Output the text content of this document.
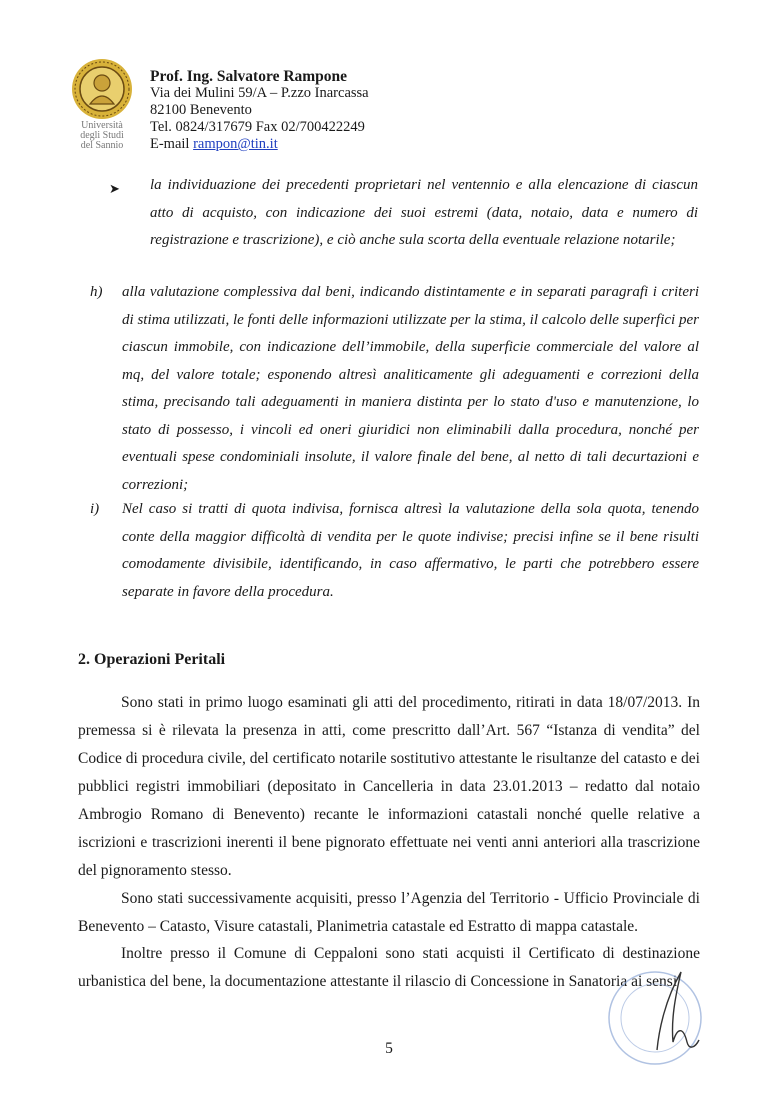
Università
degli Studi
del Sannio
Prof. Ing. Salvatore Rampone
Via dei Mulini 59/A – P.zzo Inarcassa
82100 Benevento
Tel. 0824/317679 Fax 02/700422249
E-mail rampon@tin.it
➤ la individuazione dei precedenti proprietari nel ventennio e alla elencazione di ciascun atto di acquisto, con indicazione dei suoi estremi (data, notaio, data e numero di registrazione e trascrizione), e ciò anche sula scorta della eventuale relazione notarile;
h) alla valutazione complessiva dal beni, indicando distintamente e in separati paragrafi i criteri di stima utilizzati, le fonti delle informazioni utilizzate per la stima, il calcolo delle superfici per ciascun immobile, con indicazione dell’immobile, della superficie commerciale del valore al mq, del valore totale; esponendo altresì analiticamente gli adeguamenti e correzioni della stima, precisando tali adeguamenti in maniera distinta per lo stato d'uso e manutenzione, lo stato di possesso, i vincoli ed oneri giuridici non eliminabili dalla procedura, nonché per eventuali spese condominiali insolute, il valore finale del bene, al netto di tali decurtazioni e correzioni;
i) Nel caso si tratti di quota indivisa, fornisca altresì la valutazione della sola quota, tenendo conte della maggior difficoltà di vendita per le quote indivise; precisi infine se il bene risulti comodamente divisibile, identificando, in caso affermativo, le parti che potrebbero essere separate in favore della procedura.
2. Operazioni Peritali

Sono stati in primo luogo esaminati gli atti del procedimento, ritirati in data 18/07/2013. In premessa si è rilevata la presenza in atti, come prescritto dall’Art. 567 “Istanza di vendita” del Codice di procedura civile, del certificato notarile sostitutivo attestante le risultanze del catasto e dei pubblici registri immobiliari (depositato in Cancelleria in data 23.01.2013 – redatto dal notaio Ambrogio Romano di Benevento) recante le informazioni catastali nonché quelle relative a iscrizioni e trascrizioni inerenti il bene pignorato effettuate nei venti anni anteriori alla trascrizione del pignoramento stesso.

Sono stati successivamente acquisiti, presso l’Agenzia del Territorio - Ufficio Provinciale di Benevento – Catasto, Visure catastali, Planimetria catastale ed Estratto di mappa catastale.

Inoltre presso il Comune di Ceppaloni sono stati acquisti il Certificato di destinazione urbanistica del bene, la documentazione attestante il rilascio di Concessione in Sanatoria ai sensi

5
